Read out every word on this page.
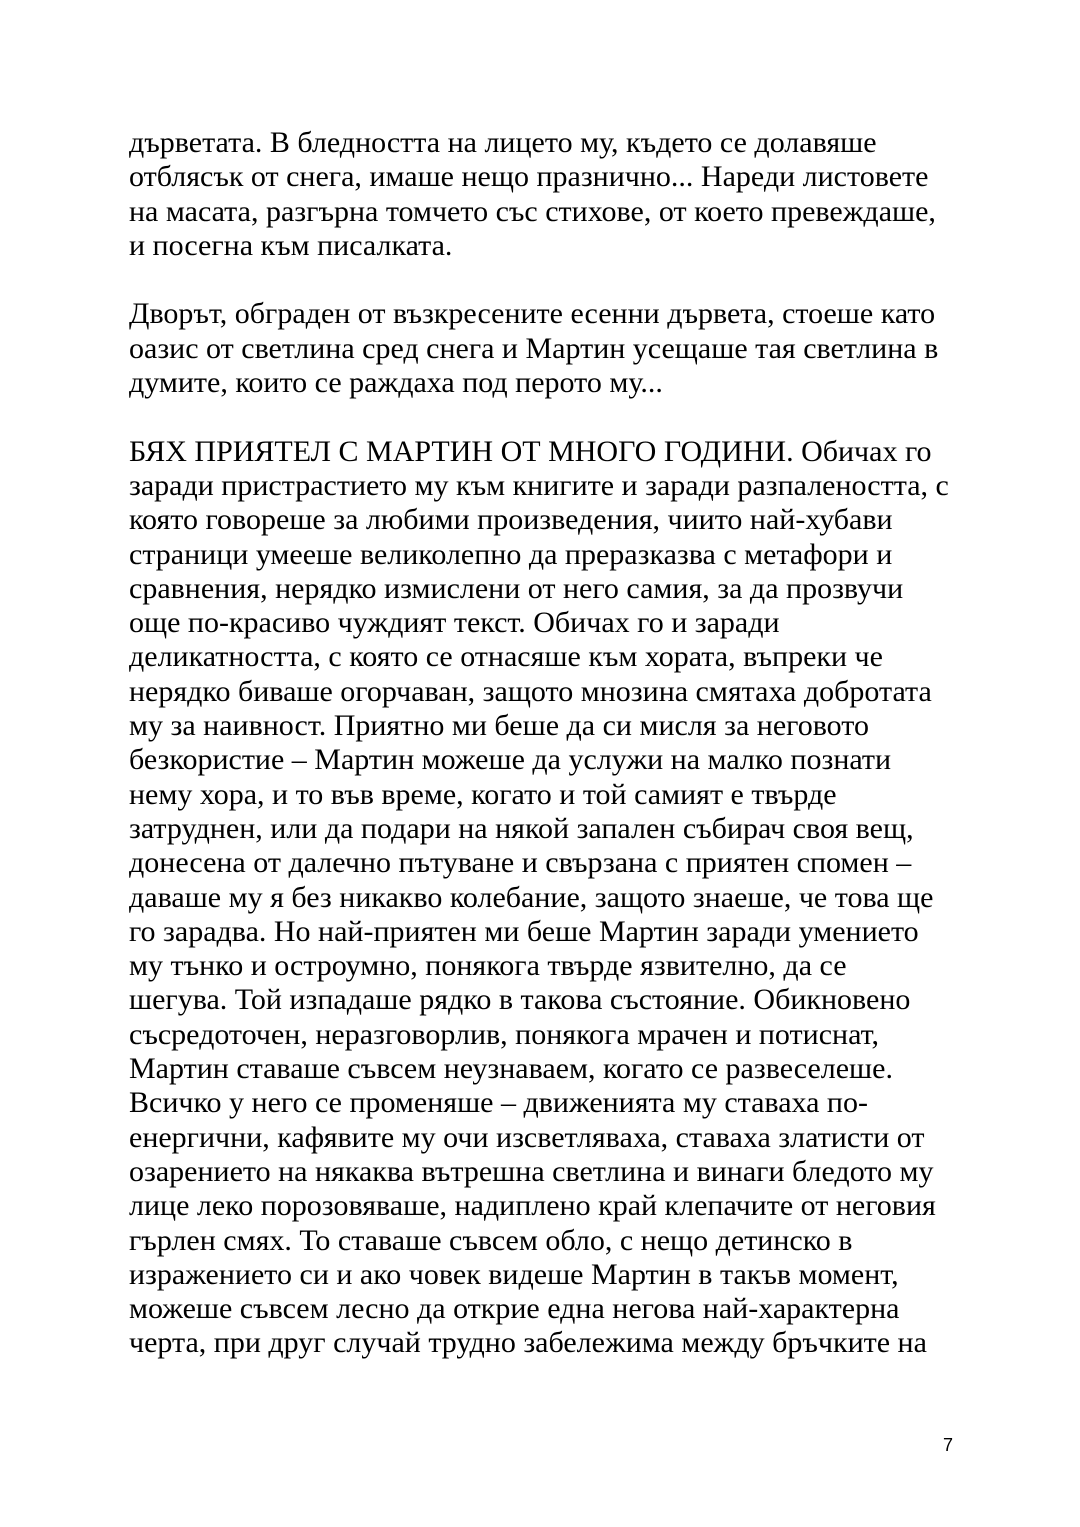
дърветата. В бледността на лицето му, където се долавяше
отблясък от снега, имаше нещо празнично... Нареди листовете
на масата, разгърна томчето със стихове, от което превеждаше,
и посегна към писалката.
Дворът, обграден от възкресените есенни дървета, стоеше като
оазис от светлина сред снега и Мартин усещаше тая светлина в
думите, които се раждаха под перото му...
БЯХ ПРИЯТЕЛ С МАРТИН ОТ МНОГО ГОДИНИ. Обичах го
заради пристрастието му към книгите и заради разпалеността, с
която говореше за любими произведения, чиито най-хубави
страници умееше великолепно да преразказва с метафори и
сравнения, нерядко измислени от него самия, за да прозвучи
още по-красиво чуждият текст. Обичах го и заради
деликатността, с която се отнасяше към хората, въпреки че
нерядко биваше огорчаван, защото мнозина смятаха добротата
му за наивност. Приятно ми беше да си мисля за неговото
безкористие – Мартин можеше да услужи на малко познати
нему хора, и то във време, когато и той самият е твърде
затруднен, или да подари на някой запален събирач своя вещ,
донесена от далечно пътуване и свързана с приятен спомен –
даваше му я без никакво колебание, защото знаеше, че това ще
го зарадва. Но най-приятен ми беше Мартин заради умението
му тънко и остроумно, понякога твърде язвително, да се
шегува. Той изпадаше рядко в такова състояние. Обикновено
съсредоточен, неразговорлив, понякога мрачен и потиснат,
Мартин ставаше съвсем неузнаваем, когато се развеселеше.
Всичко у него се променяше – движенията му ставаха по-
енергични, кафявите му очи изсветляваха, ставаха златисти от
озарението на някаква вътрешна светлина и винаги бледото му
лице леко порозовяваше, надиплено край клепачите от неговия
гърлен смях. То ставаше съвсем обло, с нещо детинско в
изражението си и ако човек видеше Мартин в такъв момент,
можеше съвсем лесно да открие една негова най-характерна
черта, при друг случай трудно забележима между бръчките на
7
